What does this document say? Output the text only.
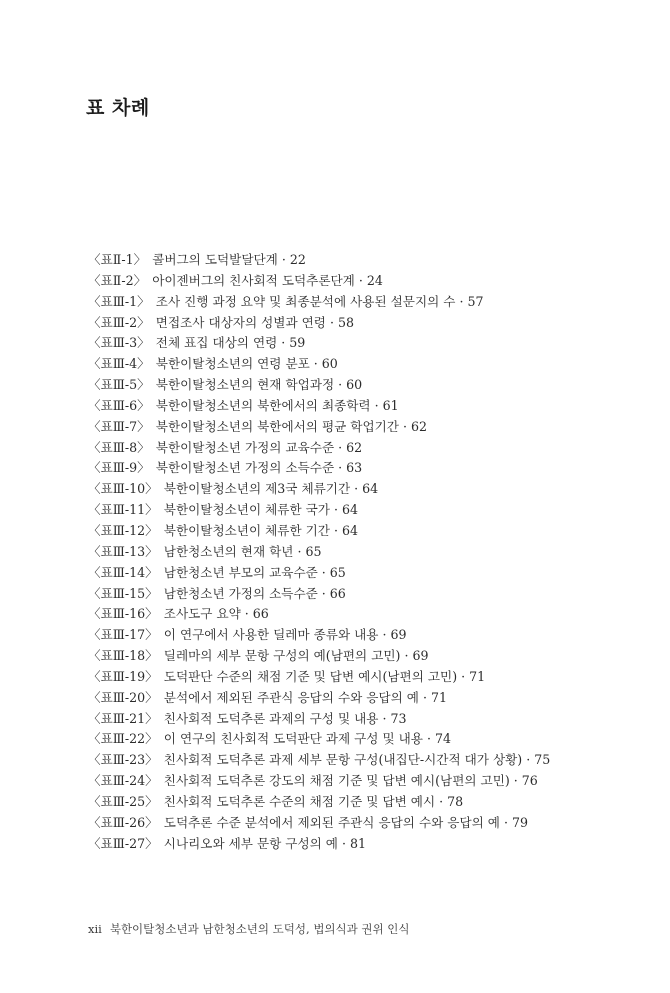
표 차례
〈표Ⅱ-1〉 콜버그의 도덕발달단계 · 22
〈표Ⅱ-2〉 아이젠버그의 친사회적 도덕추론단계 · 24
〈표Ⅲ-1〉 조사 진행 과정 요약 및 최종분석에 사용된 설문지의 수 · 57
〈표Ⅲ-2〉 면접조사 대상자의 성별과 연령 · 58
〈표Ⅲ-3〉 전체 표집 대상의 연령 · 59
〈표Ⅲ-4〉 북한이탈청소년의 연령 분포 · 60
〈표Ⅲ-5〉 북한이탈청소년의 현재 학업과정 · 60
〈표Ⅲ-6〉 북한이탈청소년의 북한에서의 최종학력 · 61
〈표Ⅲ-7〉 북한이탈청소년의 북한에서의 평균 학업기간 · 62
〈표Ⅲ-8〉 북한이탈청소년 가정의 교육수준 · 62
〈표Ⅲ-9〉 북한이탈청소년 가정의 소득수준 · 63
〈표Ⅲ-10〉 북한이탈청소년의 제3국 체류기간 · 64
〈표Ⅲ-11〉 북한이탈청소년이 체류한 국가 · 64
〈표Ⅲ-12〉 북한이탈청소년이 체류한 기간 · 64
〈표Ⅲ-13〉 남한청소년의 현재 학년 · 65
〈표Ⅲ-14〉 남한청소년 부모의 교육수준 · 65
〈표Ⅲ-15〉 남한청소년 가정의 소득수준 · 66
〈표Ⅲ-16〉 조사도구 요약 · 66
〈표Ⅲ-17〉 이 연구에서 사용한 딜레마 종류와 내용 · 69
〈표Ⅲ-18〉 딜레마의 세부 문항 구성의 예(남편의 고민) · 69
〈표Ⅲ-19〉 도덕판단 수준의 채점 기준 및 답변 예시(남편의 고민) · 71
〈표Ⅲ-20〉 분석에서 제외된 주관식 응답의 수와 응답의 예 · 71
〈표Ⅲ-21〉 친사회적 도덕추론 과제의 구성 및 내용 · 73
〈표Ⅲ-22〉 이 연구의 친사회적 도덕판단 과제 구성 및 내용 · 74
〈표Ⅲ-23〉 친사회적 도덕추론 과제 세부 문항 구성(내집단-시간적 대가 상황) · 75
〈표Ⅲ-24〉 친사회적 도덕추론 강도의 채점 기준 및 답변 예시(남편의 고민) · 76
〈표Ⅲ-25〉 친사회적 도덕추론 수준의 채점 기준 및 답변 예시 · 78
〈표Ⅲ-26〉 도덕추론 수준 분석에서 제외된 주관식 응답의 수와 응답의 예 · 79
〈표Ⅲ-27〉 시나리오와 세부 문항 구성의 예 · 81
xii 북한이탈청소년과 남한청소년의 도덕성, 법의식과 권위 인식
